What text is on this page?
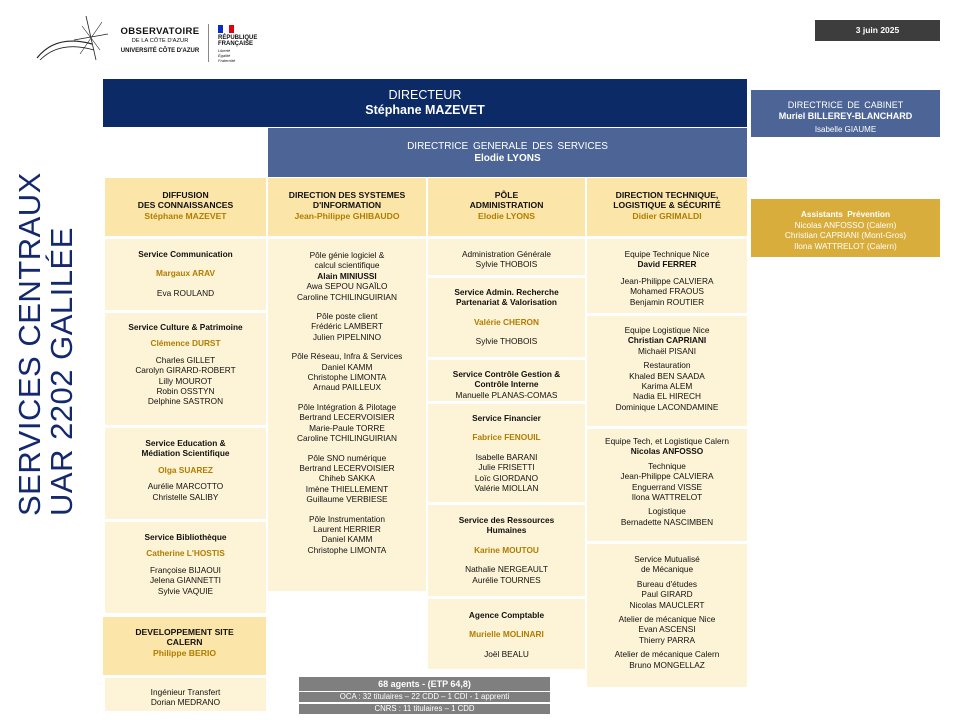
OBSERVATOIRE
DE LA CÔTE D'AZUR
UNIVERSITÉ CÔTE D'AZUR
RÉPUBLIQUE
FRANÇAISE
Liberté
Égalité
Fraternité
3 juin 2025
SERVICES CENTRAUX
UAR 2202 GALILÉE
DIRECTEUR
Stéphane MAZEVET
DIRECTRICE GENERALE DES SERVICES
Elodie LYONS
DIRECTRICE DE CABINET
Muriel BILLEREY-BLANCHARD
Isabelle GIAUME
Assistants Prévention
Nicolas ANFOSSO (Calern)
Christian CAPRIANI (Mont-Gros)
Ilona WATTRELOT (Calern)
DIFFUSION
DES CONNAISSANCES
Stéphane MAZEVET
Service Communication
Margaux ARAV
Eva ROULAND
Service Culture & Patrimoine
Clémence DURST
Charles GILLET
Carolyn GIRARD-ROBERT
Lilly MOUROT
Robin OSSTYN
Delphine SASTRON
Service Education &
Médiation Scientifique
Olga SUAREZ
Aurélie MARCOTTO
Christelle SALIBY
Service Bibliothèque
Catherine L'HOSTIS
Françoise BIJAOUI
Jelena GIANNETTI
Sylvie VAQUIE
DEVELOPPEMENT SITE
CALERN
Philippe BERIO
Ingénieur Transfert
Dorian MEDRANO
DIRECTION DES SYSTEMES
D'INFORMATION
Jean-Philippe GHIBAUDO
Pôle génie logiciel &
calcul scientifique
Alain MINIUSSI
Awa SEPOU NGAÏLO
Caroline TCHILINGUIRIAN
Pôle poste client
Frédéric LAMBERT
Julien PIPELNINO
Pôle Réseau, Infra & Services
Daniel KAMM
Christophe LIMONTA
Arnaud PAILLEUX
Pôle Intégration & Pilotage
Bertrand LECERVOISIER
Marie-Paule TORRE
Caroline TCHILINGUIRIAN
Pôle SNO numérique
Bertrand LECERVOISIER
Chiheb SAKKA
Imène THIELLEMENT
Guillaume VERBIESE
Pôle Instrumentation
Laurent HERRIER
Daniel KAMM
Christophe LIMONTA
PÔLE
ADMINISTRATION
Elodie LYONS
Administration Générale
Sylvie THOBOIS
Service Admin. Recherche
Partenariat & Valorisation
Valérie CHERON
Sylvie THOBOIS
Service Contrôle Gestion &
Contrôle Interne
Manuelle PLANAS-COMAS
Service Financier
Fabrice FENOUIL
Isabelle BARANI
Julie FRISETTI
Loïc GIORDANO
Valérie MIOLLAN
Service des Ressources
Humaines
Karine MOUTOU
Nathalie NERGEAULT
Aurélie TOURNES
Agence Comptable
Murielle MOLINARI
Joël BEALU
DIRECTION TECHNIQUE,
LOGISTIQUE & SÉCURITÉ
Didier GRIMALDI
Equipe Technique Nice
David FERRER
Jean-Philippe CALVIERA
Mohamed FRAOUS
Benjamin ROUTIER
Equipe Logistique Nice
Christian CAPRIANI
Michaël PISANI
Restauration
Khaled BEN SAADA
Karima ALEM
Nadia EL HIRECH
Dominique LACONDAMINE
Equipe Tech, et Logistique Calern
Nicolas ANFOSSO
Technique
Jean-Philippe CALVIERA
Enguerrand VISSE
Ilona WATTRELOT
Logistique
Bernadette NASCIMBEN
Service Mutualisé
de Mécanique
Bureau d'études
Paul GIRARD
Nicolas MAUCLERT
Atelier de mécanique Nice
Evan ASCENSI
Thierry PARRA
Atelier de mécanique Calern
Bruno MONGELLAZ
68 agents - (ETP 64,8)
OCA : 32 titulaires – 22 CDD – 1 CDI - 1 apprenti
CNRS : 11 titulaires – 1 CDD
